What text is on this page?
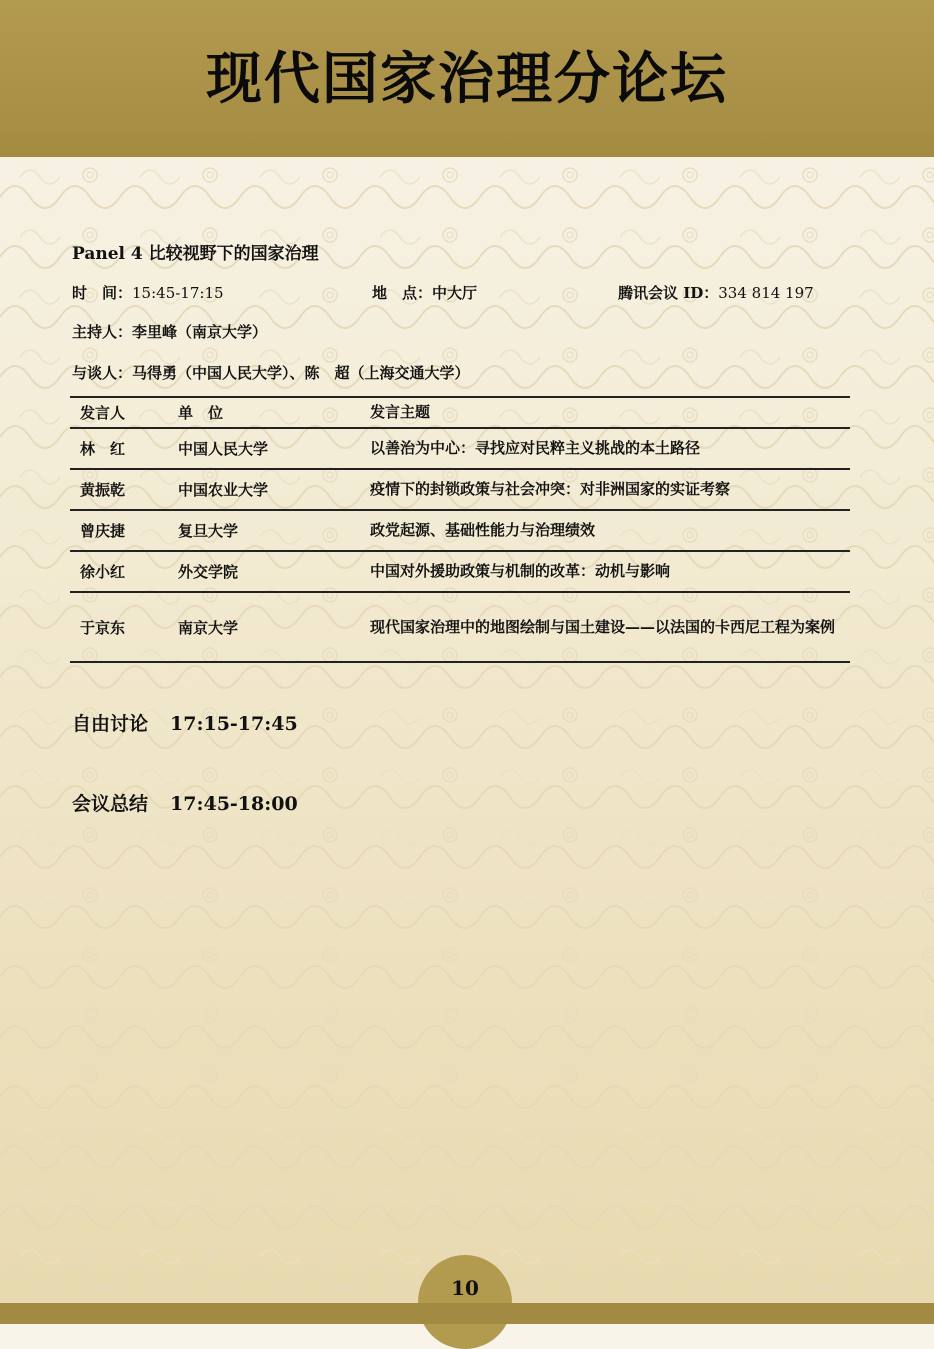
现代国家治理分论坛
10
Panel 4 比较视野下的国家治理
时　间：15:45-17:15	地　点：中大厅	腾讯会议 ID：334 814 197
主持人：李里峰（南京大学）
与谈人：马得勇（中国人民大学）、陈　超（上海交通大学）
发言人	单　位	发言主题
林　红	中国人民大学	以善治为中心：寻找应对民粹主义挑战的本土路径
黄振乾	中国农业大学	疫情下的封锁政策与社会冲突：对非洲国家的实证考察
曾庆捷	复旦大学	政党起源、基础性能力与治理绩效
徐小红	外交学院	中国对外援助政策与机制的改革：动机与影响
于京东	南京大学	现代国家治理中的地图绘制与国土建设——以法国的卡西尼工程为案例
自由讨论 17:15-17:45
会议总结 17:45-18:00
